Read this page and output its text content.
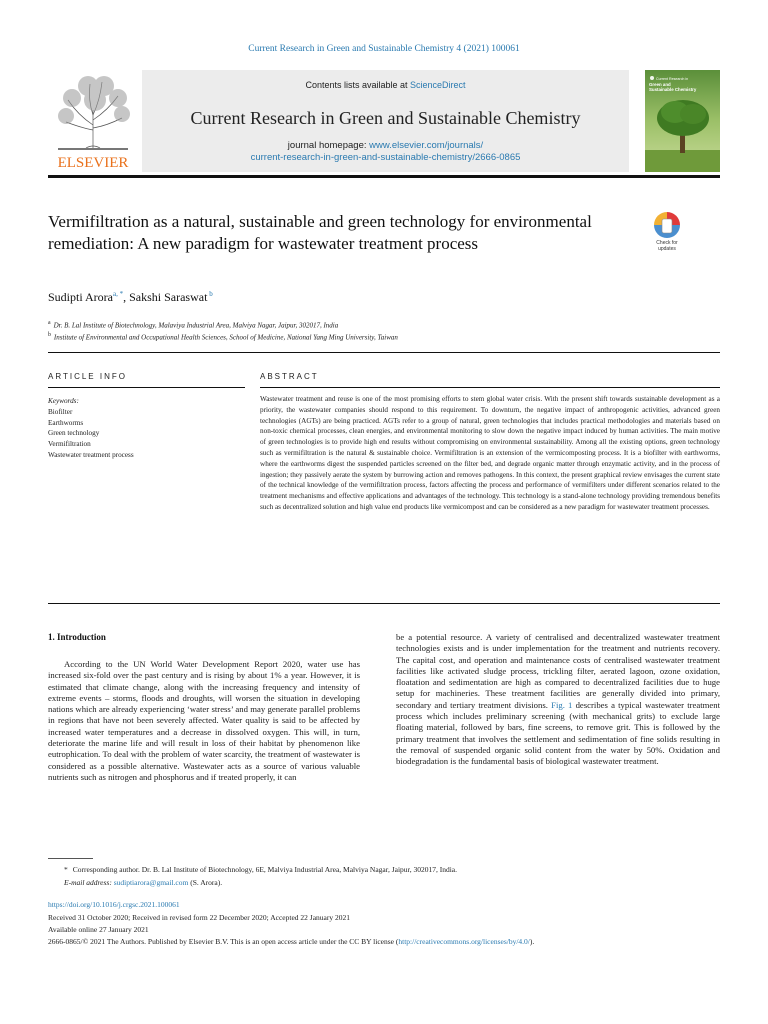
Current Research in Green and Sustainable Chemistry 4 (2021) 100061
ELSEVIER
Contents lists available at ScienceDirect
Current Research in Green and Sustainable Chemistry
journal homepage: www.elsevier.com/journals/
current-research-in-green-and-sustainable-chemistry/2666-0865
Current Research in
Green and
Sustainable Chemistry
Vermifiltration as a natural, sustainable and green technology for environmental remediation: A new paradigm for wastewater treatment process	Check for
updates
Sudipti Arora$^{a, *}$, Sakshi Saraswat $^b$
$^a$ Dr. B. Lal Institute of Biotechnology, Malaviya Industrial Area, Malviya Nagar, Jaipur, 302017, India
$^b$ Institute of Environmental and Occupational Health Sciences, School of Medicine, National Yang Ming University, Taiwan
ARTICLE INFO	ABSTRACT
Keywords:
Biofilter
Earthworms
Green technology
Vermifiltration
Wastewater treatment process
Wastewater treatment and reuse is one of the most promising efforts to stem global water crisis. With the present shift towards sustainable development as a priority, the wastewater companies should respond to this requirement. To downturn, the negative impact of anthropogenic activities, advanced green technologies (AGTs) are being practiced. AGTs refer to a group of natural, green technologies that includes practical methodologies and materials based on non-toxic chemical processes, clean energies, and environmental monitoring to slow down the negative impact induced by human activities. The main motive of green technologies is to provide high end results without compromising on environmental sustainability. Among all the existing options, green technology such as vermifiltration is the natural & sustainable choice. Vermifiltration is an extension of the vermicomposting process. It is a biofilter with earthworms, where the earthworms digest the suspended particles screened on the filter bed, and degrade organic matter through enzymatic activity, and in the process of ingestion; they passively aerate the system by burrowing action and removes pathogens. In this context, the present graphical review envisages the current state of the technical knowledge of the vermifiltration process, factors affecting the process and performance of vermifilters under different scenarios related to the treatment mechanisms and effective applications and advantages of the technology. This technology is a stand-alone technology providing tremendous benefits such as decentralized solution and high value end products like vermicompost and can be considered as a new paradigm for wastewater treatment processes.
1. Introduction
According to the UN World Water Development Report 2020, water use has increased six-fold over the past century and is rising by about 1% a year. However, it is estimated that climate change, along with the increasing frequency and intensity of extreme events – storms, floods and droughts, will worsen the situation in developing nations which are already experiencing ‘water stress’ and may generate parallel problems in regions that have not been severely affected. Water quality is said to be affected by increased water temperatures and a decrease in dissolved oxygen. This will, in turn, deteriorate the marine life and will result in loss of their habitat by phenomenon like eutrophication. To deal with the problem of water scarcity, the treatment of wastewater is considered as a possible alternative. Wastewater acts as a source of various valuable nutrients such as nitrogen and phosphorus and if treated properly, it can
be a potential resource. A variety of centralised and decentralized wastewater treatment technologies exists and is under implementation for the treatment and nutrients recovery. The capital cost, and operation and maintenance costs of centralised wastewater treatment facilities like activated sludge process, trickling filter, aerated lagoon, ozone oxidation, floatation and sedimentation are high as compared to decentralized facilities due to huge setup for machineries. These treatment facilities are generally divided into primary, secondary and tertiary treatment divisions. Fig. 1 describes a typical wastewater treatment process which includes preliminary screening (with mechanical grits) to exclude large floating material, followed by bars, fine screens, to remove grit. This is followed by the primary treatment that involves the settlement and sedimentation of fine solids resulting in the removal of suspended organic solid content from the water by 50%. Oxidation and biodegradation is the fundamental basis of biological wastewater treatment.
* Corresponding author. Dr. B. Lal Institute of Biotechnology, 6E, Malviya Industrial Area, Malviya Nagar, Jaipur, 302017, India.
E-mail address: sudiptiarora@gmail.com (S. Arora).
https://doi.org/10.1016/j.crgsc.2021.100061
Received 31 October 2020; Received in revised form 22 December 2020; Accepted 22 January 2021
Available online 27 January 2021
2666-0865/© 2021 The Authors. Published by Elsevier B.V. This is an open access article under the CC BY license (http://creativecommons.org/licenses/by/4.0/).
